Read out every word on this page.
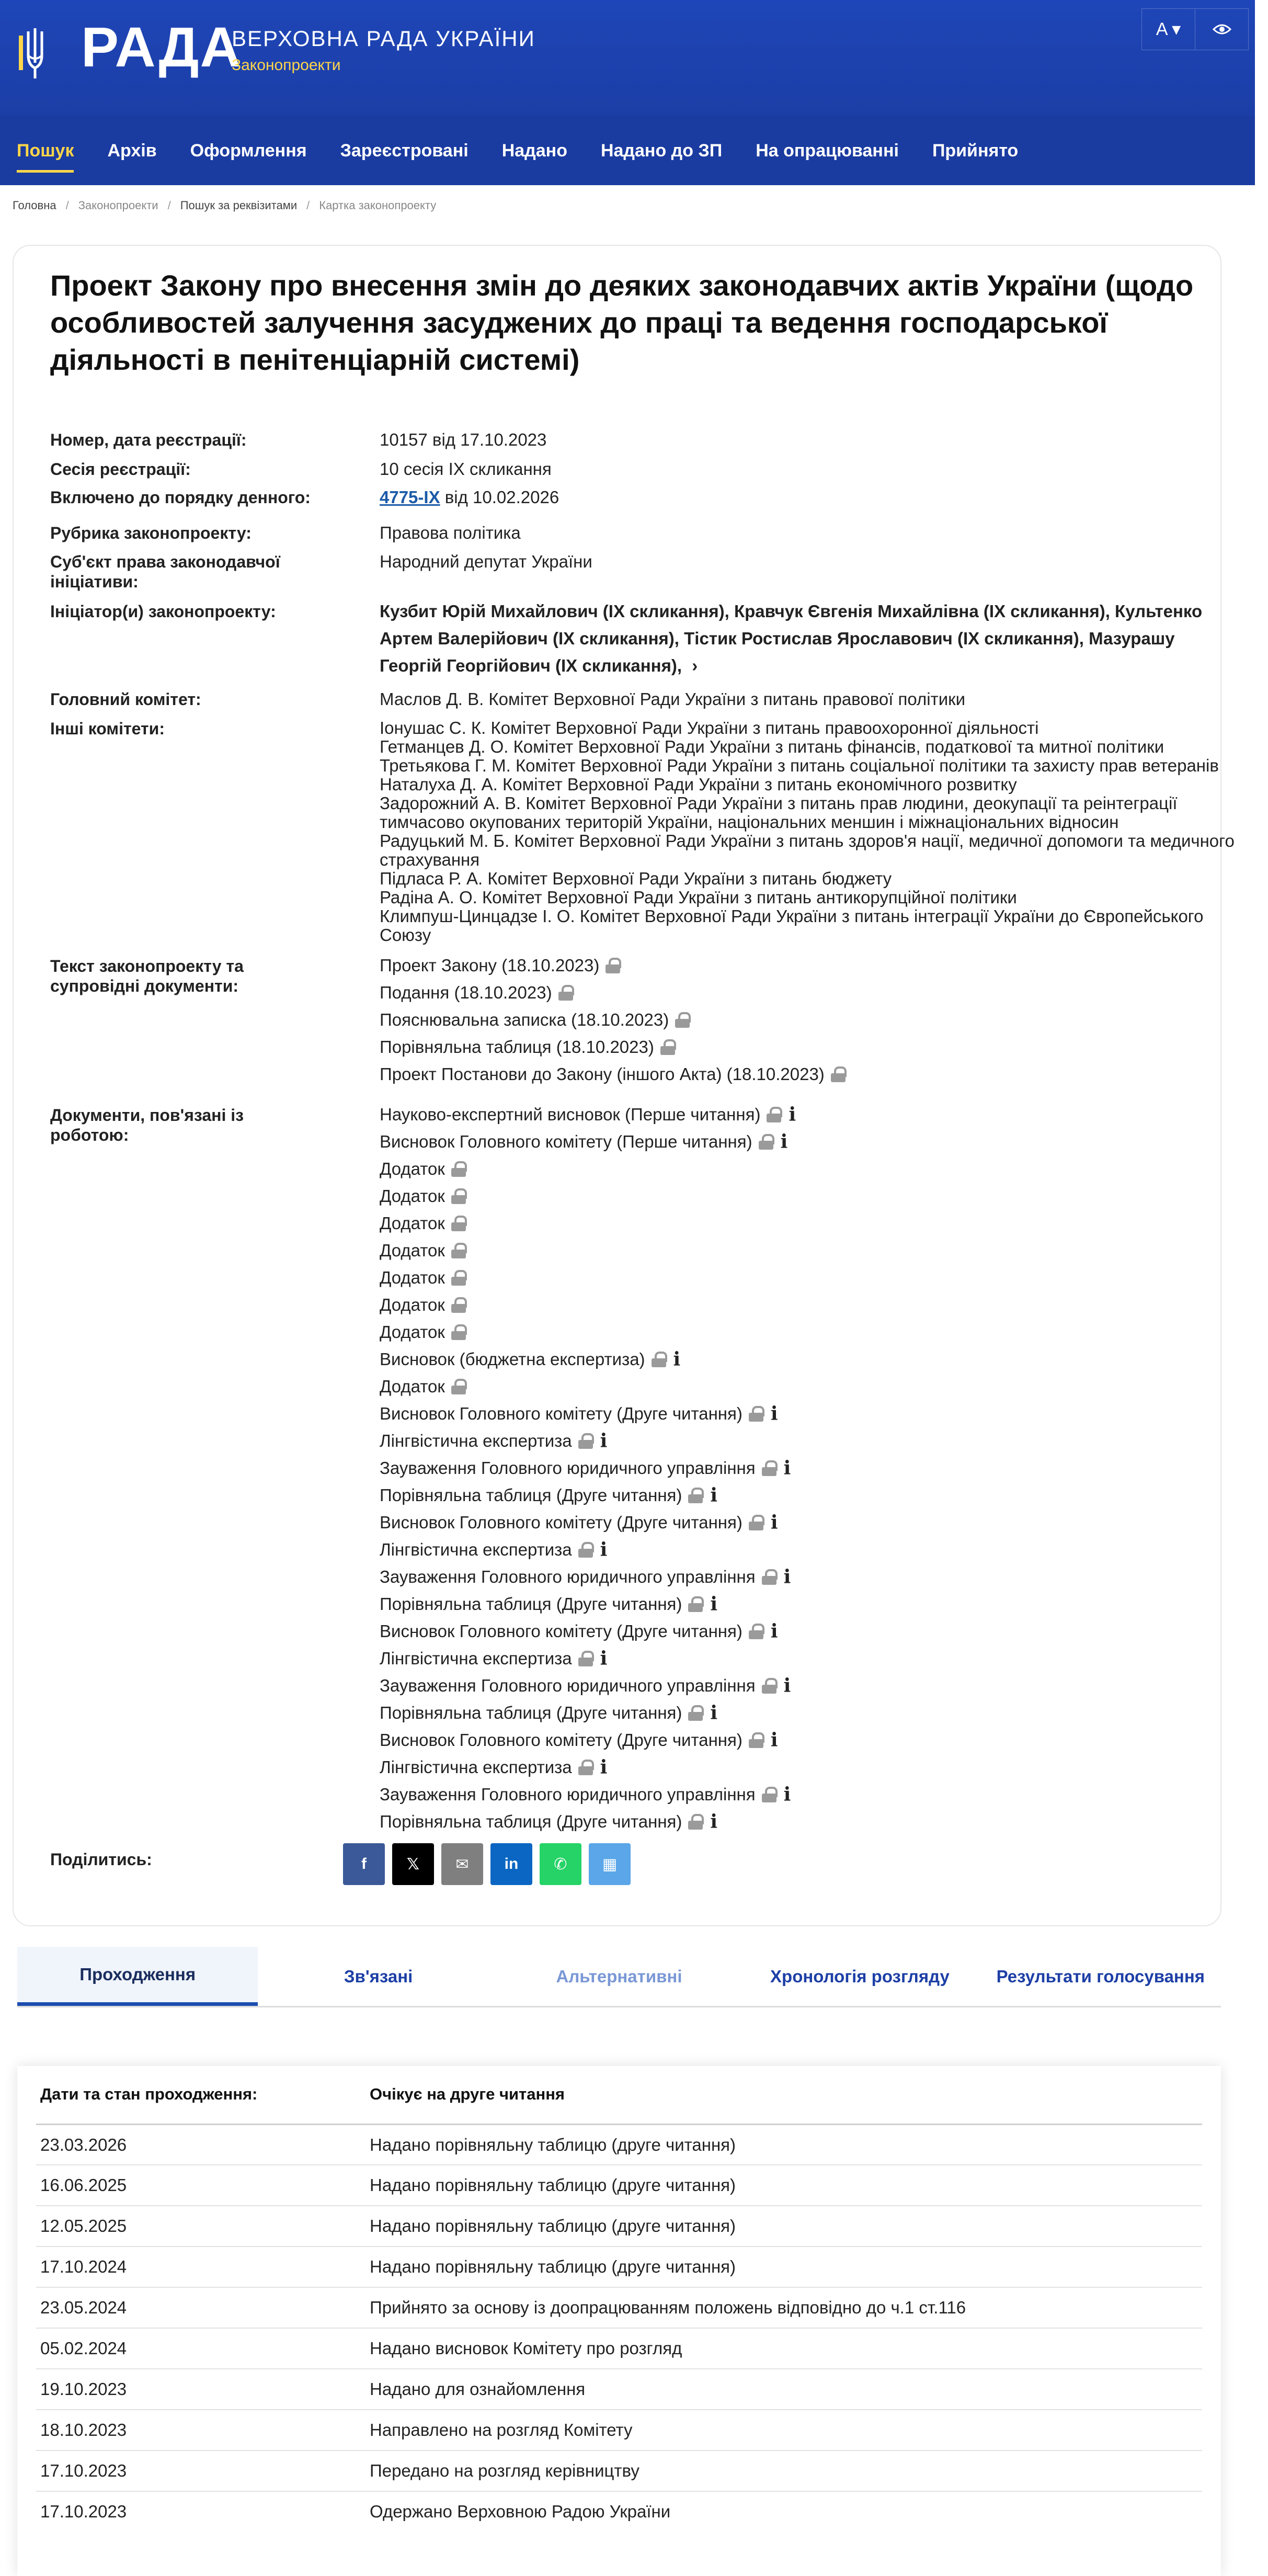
РАДА
ВЕРХОВНА РАДА УКРАЇНИ
Законопроекти
A ▾
Пошук	Архів	Оформлення	Зареєстровані	Надано	Надано до ЗП	На опрацюванні	Прийнято
Головна / Законопроекти / Пошук за реквізитами / Картка законопроекту
Проект Закону про внесення змін до деяких законодавчих актів України (щодо особливостей залучення засуджених до праці та ведення господарської діяльності в пенітенціарній системі)
Номер, дата реєстрації:	10157 від 17.10.2023
Сесія реєстрації:	10 сесія IX скликання
Включено до порядку денного:	4775-IX від 10.02.2026
Рубрика законопроекту:	Правова політика
Суб'єкт права законодавчої ініціативи:
Народний депутат України
Ініціатор(и) законопроекту:	Кузбит Юрій Михайлович (IX скликання), Кравчук Євгенія Михайлівна (IX скликання), Культенко Артем Валерійович (IX скликання), Тістик Ростислав Ярославович (IX скликання), Мазурашу Георгій Георгійович (IX скликання), ›
Головний комітет:	Маслов Д. В. Комітет Верховної Ради України з питань правової політики
Інші комітети:	Іонушас С. К. Комітет Верховної Ради України з питань правоохоронної діяльності
Гетманцев Д. О. Комітет Верховної Ради України з питань фінансів, податкової та митної політики
Третьякова Г. М. Комітет Верховної Ради України з питань соціальної політики та захисту прав ветеранів
Наталуха Д. А. Комітет Верховної Ради України з питань економічного розвитку
Задорожний А. В. Комітет Верховної Ради України з питань прав людини, деокупації та реінтеграції тимчасово окупованих територій України, національних меншин і міжнаціональних відносин
Радуцький М. Б. Комітет Верховної Ради України з питань здоров'я нації, медичної допомоги та медичного страхування
Підласа Р. А. Комітет Верховної Ради України з питань бюджету
Радіна А. О. Комітет Верховної Ради України з питань антикорупційної політики
Климпуш-Цинцадзе І. О. Комітет Верховної Ради України з питань інтеграції України до Європейського Союзу
Текст законопроекту та супровідні документи:
Проект Закону (18.10.2023)
Подання (18.10.2023)
Пояснювальна записка (18.10.2023)
Порівняльна таблиця (18.10.2023)
Проект Постанови до Закону (іншого Акта) (18.10.2023)
Документи, пов'язані із роботою:
Науково-експертний висновок (Перше читання) i
Висновок Головного комітету (Перше читання) i
Додаток
Додаток
Додаток
Додаток
Додаток
Додаток
Додаток
Висновок (бюджетна експертиза) i
Додаток
Висновок Головного комітету (Друге читання) i
Лінгвістична експертиза i
Зауваження Головного юридичного управління i
Порівняльна таблиця (Друге читання) i
Висновок Головного комітету (Друге читання) i
Лінгвістична експертиза i
Зауваження Головного юридичного управління i
Порівняльна таблиця (Друге читання) i
Висновок Головного комітету (Друге читання) i
Лінгвістична експертиза i
Зауваження Головного юридичного управління i
Порівняльна таблиця (Друге читання) i
Висновок Головного комітету (Друге читання) i
Лінгвістична експертиза i
Зауваження Головного юридичного управління i
Порівняльна таблиця (Друге читання) i
Поділитись:	f	𝕏 ✉ in ✆ ▦
Проходження	Зв'язані	Альтернативні	Хронологія розгляду	Результати голосування
Дати та стан проходження:	Очікує на друге читання
23.03.2026	Надано порівняльну таблицю (друге читання)
16.06.2025	Надано порівняльну таблицю (друге читання)
12.05.2025	Надано порівняльну таблицю (друге читання)
17.10.2024	Надано порівняльну таблицю (друге читання)
23.05.2024	Прийнято за основу із доопрацюванням положень відповідно до ч.1 ст.116
05.02.2024	Надано висновок Комітету про розгляд
19.10.2023	Надано для ознайомлення
18.10.2023	Направлено на розгляд Комітету
17.10.2023	Передано на розгляд керівництву
17.10.2023	Одержано Верховною Радою України
